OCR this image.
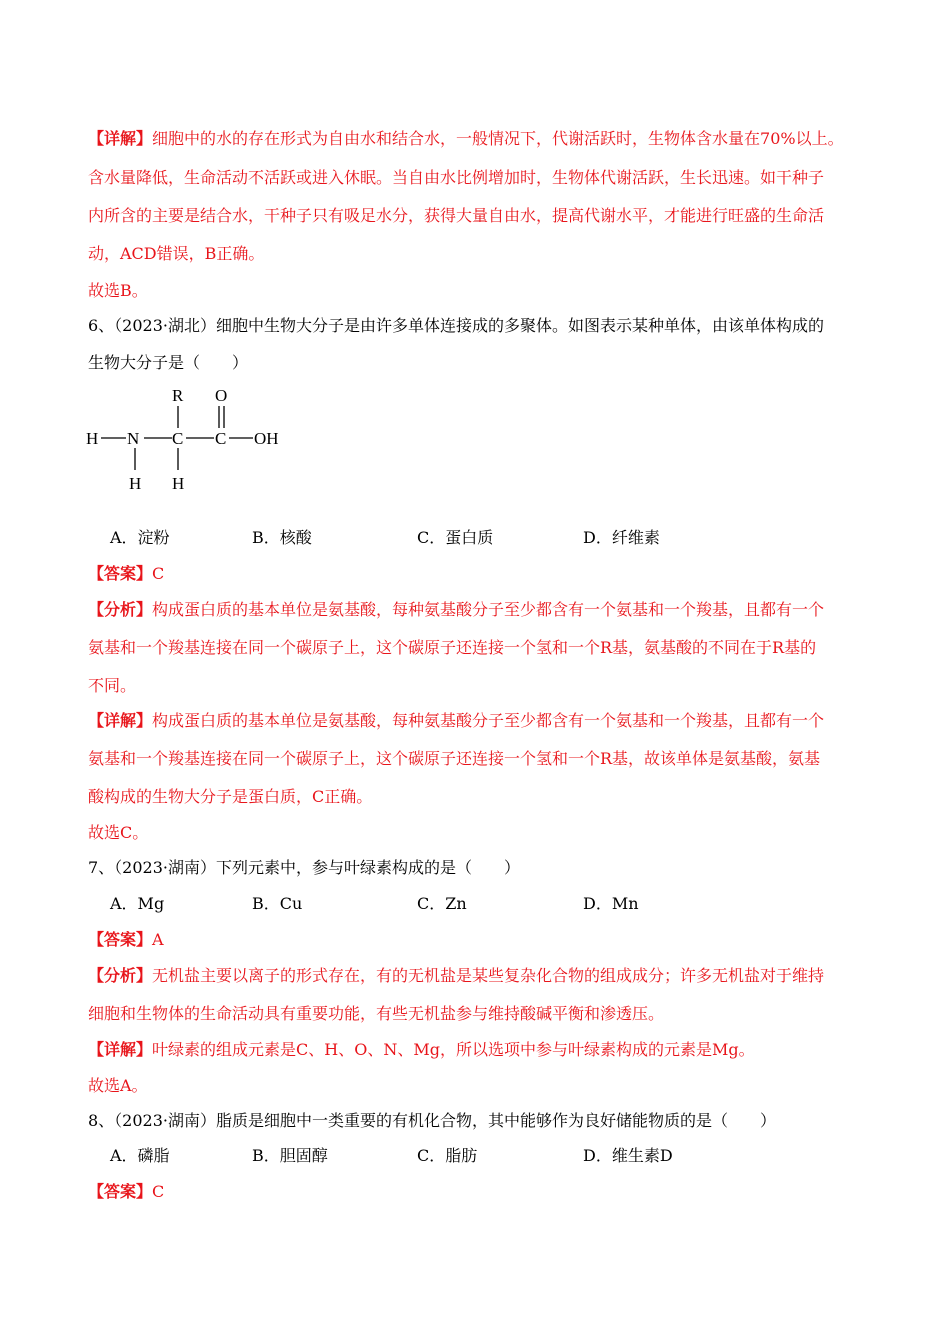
【详解】细胞中的水的存在形式为自由水和结合水，一般情况下，代谢活跃时，生物体含水量在70%以上。
含水量降低，生命活动不活跃或进入休眠。当自由水比例增加时，生物体代谢活跃，生长迅速。如干种子
内所含的主要是结合水，干种子只有吸足水分，获得大量自由水，提高代谢水平，才能进行旺盛的生命活
动，ACD错误，B正确。
故选B。
6、（2023·湖北）细胞中生物大分子是由许多单体连接成的多聚体。如图表示某种单体，由该单体构成的
生物大分子是（　　）
H N C C OH
R O
H H
A．淀粉	B．核酸	C．蛋白质	D．纤维素
【答案】C
【分析】构成蛋白质的基本单位是氨基酸，每种氨基酸分子至少都含有一个氨基和一个羧基，且都有一个
氨基和一个羧基连接在同一个碳原子上，这个碳原子还连接一个氢和一个R基，氨基酸的不同在于R基的
不同。
【详解】构成蛋白质的基本单位是氨基酸，每种氨基酸分子至少都含有一个氨基和一个羧基，且都有一个
氨基和一个羧基连接在同一个碳原子上，这个碳原子还连接一个氢和一个R基，故该单体是氨基酸，氨基
酸构成的生物大分子是蛋白质，C正确。
故选C。
7、（2023·湖南）下列元素中，参与叶绿素构成的是（　　）
A．Mg	B．Cu	C．Zn	D．Mn
【答案】A
【分析】无机盐主要以离子的形式存在，有的无机盐是某些复杂化合物的组成成分；许多无机盐对于维持
细胞和生物体的生命活动具有重要功能，有些无机盐参与维持酸碱平衡和渗透压。
【详解】叶绿素的组成元素是C、H、O、N、Mg，所以选项中参与叶绿素构成的元素是Mg。
故选A。
8、（2023·湖南）脂质是细胞中一类重要的有机化合物，其中能够作为良好储能物质的是（　　）
A．磷脂	B．胆固醇	C．脂肪	D．维生素D
【答案】C
